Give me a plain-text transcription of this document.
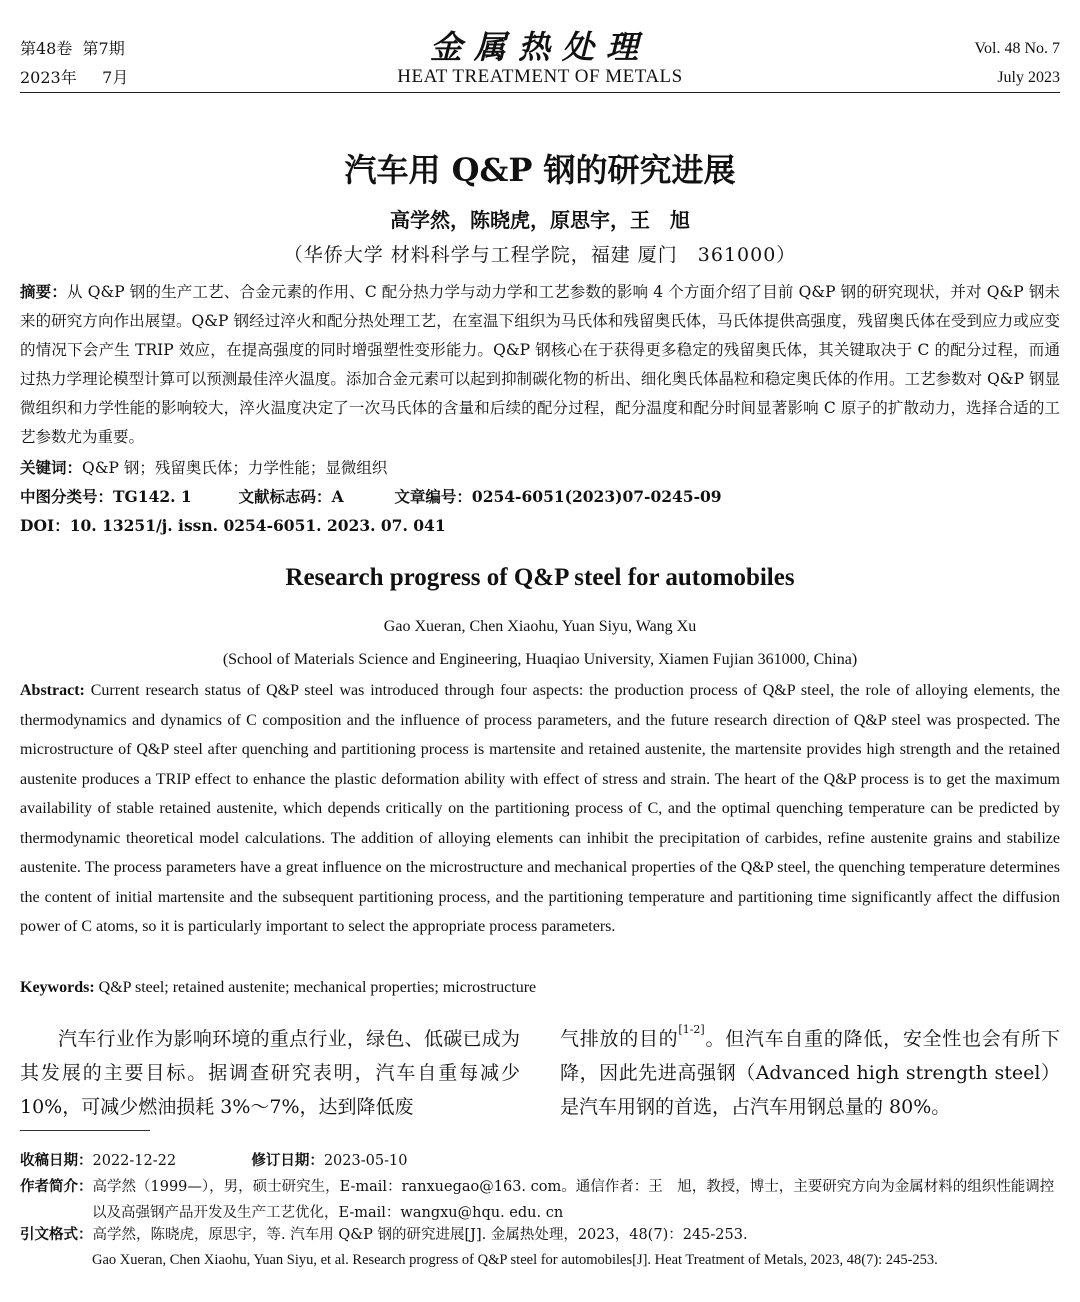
第48卷  第7期
2023年     7月
金属热处理
HEAT TREATMENT OF METALS
Vol. 48 No. 7
July 2023
汽车用 Q&P 钢的研究进展
高学然，陈晓虎，原思宇，王　旭
（华侨大学 材料科学与工程学院，福建 厦门　361000）
摘要：从 Q&P 钢的生产工艺、合金元素的作用、C 配分热力学与动力学和工艺参数的影响 4 个方面介绍了目前 Q&P 钢的研究现状，并对 Q&P 钢未来的研究方向作出展望。Q&P 钢经过淬火和配分热处理工艺，在室温下组织为马氏体和残留奥氏体，马氏体提供高强度，残留奥氏体在受到应力或应变的情况下会产生 TRIP 效应，在提高强度的同时增强塑性变形能力。Q&P 钢核心在于获得更多稳定的残留奥氏体，其关键取决于 C 的配分过程，而通过热力学理论模型计算可以预测最佳淬火温度。添加合金元素可以起到抑制碳化物的析出、细化奥氏体晶粒和稳定奥氏体的作用。工艺参数对 Q&P 钢显微组织和力学性能的影响较大，淬火温度决定了一次马氏体的含量和后续的配分过程，配分温度和配分时间显著影响 C 原子的扩散动力，选择合适的工艺参数尤为重要。
关键词：Q&P 钢；残留奥氏体；力学性能；显微组织
中图分类号：TG142. 1	文献标志码：A	文章编号：0254-6051(2023)07-0245-09
DOI：10. 13251/j. issn. 0254-6051. 2023. 07. 041
Research progress of Q&P steel for automobiles
Gao Xueran, Chen Xiaohu, Yuan Siyu, Wang Xu
(School of Materials Science and Engineering, Huaqiao University, Xiamen Fujian 361000, China)
Abstract: Current research status of Q&P steel was introduced through four aspects: the production process of Q&P steel, the role of alloying elements, the thermodynamics and dynamics of C composition and the influence of process parameters, and the future research direction of Q&P steel was prospected. The microstructure of Q&P steel after quenching and partitioning process is martensite and retained austenite, the martensite provides high strength and the retained austenite produces a TRIP effect to enhance the plastic deformation ability with effect of stress and strain. The heart of the Q&P process is to get the maximum availability of stable retained austenite, which depends critically on the partitioning process of C, and the optimal quenching temperature can be predicted by thermodynamic theoretical model calculations. The addition of alloying elements can inhibit the precipitation of carbides, refine austenite grains and stabilize austenite. The process parameters have a great influence on the microstructure and mechanical properties of the Q&P steel, the quenching temperature determines the content of initial martensite and the subsequent partitioning process, and the partitioning temperature and partitioning time significantly affect the diffusion power of C atoms, so it is particularly important to select the appropriate process parameters.
Keywords: Q&P steel; retained austenite; mechanical properties; microstructure
汽车行业作为影响环境的重点行业，绿色、低碳已成为其发展的主要目标。据调查研究表明，汽车自重每减少 10%，可减少燃油损耗 3%～7%，达到降低废
气排放的目的[1-2]。但汽车自重的降低，安全性也会有所下降，因此先进高强钢（Advanced high strength steel）是汽车用钢的首选，占汽车用钢总量的 80%。
收稿日期：2022-12-22	修订日期：2023-05-10
作者简介：高学然（1999—），男，硕士研究生，E-mail：ranxuegao@163. com。通信作者：王　旭，教授，博士，主要研究方向为金属材料的组织性能调控
以及高强钢产品开发及生产工艺优化，E-mail：wangxu@hqu. edu. cn
引文格式：高学然，陈晓虎，原思宇，等. 汽车用 Q&P 钢的研究进展[J]. 金属热处理，2023，48(7)：245-253.
Gao Xueran, Chen Xiaohu, Yuan Siyu, et al. Research progress of Q&P steel for automobiles[J]. Heat Treatment of Metals, 2023, 48(7): 245-253.
